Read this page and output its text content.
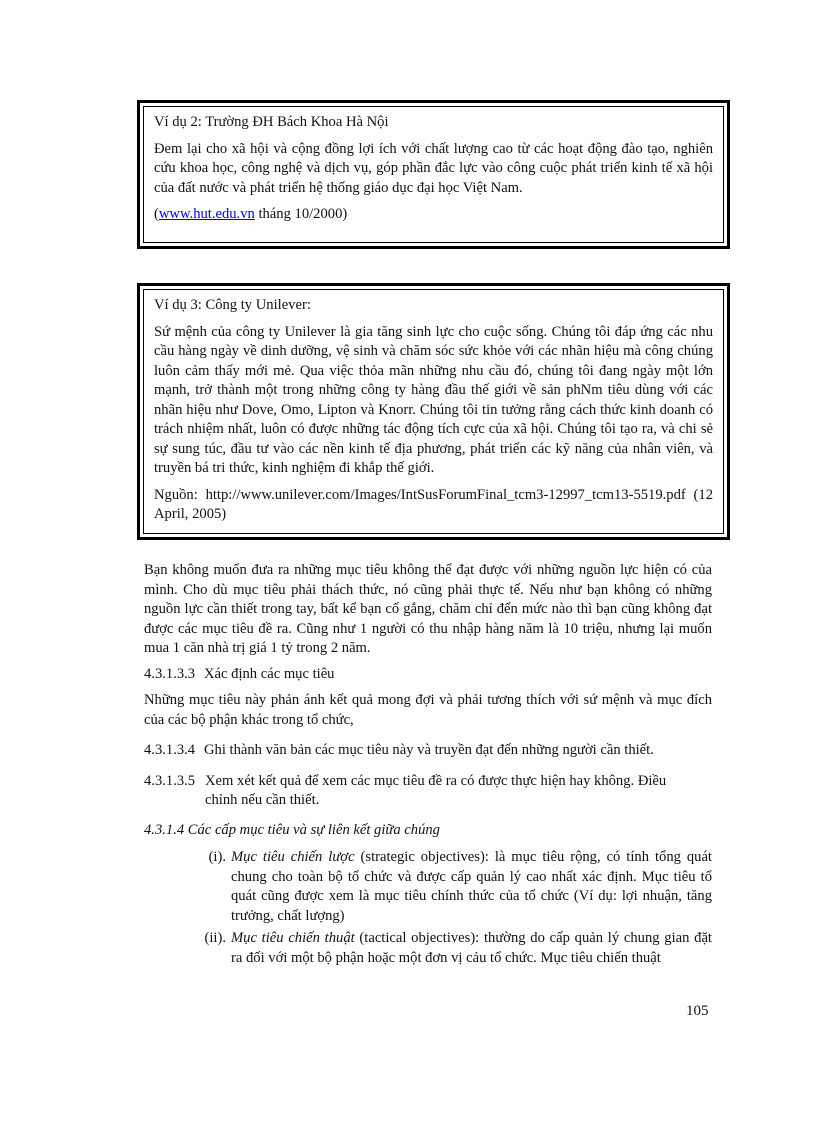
Ví dụ 2: Trường ĐH Bách Khoa Hà Nội

Đem lại cho xã hội và cộng đồng lợi ích với chất lượng cao từ các hoạt động đào tạo, nghiên cứu khoa học, công nghệ và dịch vụ, góp phần đắc lực vào công cuộc phát triển kinh tế xã hội của đất nước và phát triển hệ thống giáo dục đại học Việt Nam.

(www.hut.edu.vn tháng 10/2000)

Ví dụ 3: Công ty Unilever:

Sứ mệnh của công ty Unilever là gia tăng sinh lực cho cuộc sống. Chúng tôi đáp ứng các nhu cầu hàng ngày về dinh dưỡng, vệ sinh và chăm sóc sức khỏe với các nhãn hiệu mà công chúng luôn cảm thấy mới mẻ. Qua việc thỏa mãn những nhu cầu đó, chúng tôi đang ngày một lớn mạnh, trở thành một trong những công ty hàng đầu thế giới về sản phNm tiêu dùng với các nhãn hiệu như Dove, Omo, Lipton và Knorr. Chúng tôi tin tưởng rằng cách thức kinh doanh có trách nhiệm nhất, luôn có được những tác động tích cực của xã hội. Chúng tôi tạo ra, và chi sẻ sự sung túc, đầu tư vào các nền kinh tế địa phương, phát triển các kỹ năng của nhân viên, và truyền bá tri thức, kinh nghiệm đi khắp thế giới.

Nguồn: http://www.unilever.com/Images/IntSusForumFinal_tcm3-12997_tcm13-5519.pdf (12 April, 2005)

Bạn không muốn đưa ra những mục tiêu không thể đạt được với những nguồn lực hiện có của mình. Cho dù mục tiêu phải thách thức, nó cũng phải thực tế. Nếu như bạn không có những nguồn lực cần thiết trong tay, bất kể bạn cố gắng, chăm chỉ đến mức nào thì bạn cũng không đạt được các mục tiêu đề ra. Cũng như 1 người có thu nhập hàng năm là 10 triệu, nhưng lại muốn mua 1 căn nhà trị giá 1 tỷ trong 2 năm.

4.3.1.3.3 Xác định các mục tiêu

Những mục tiêu này phản ánh kết quả mong đợi và phải tương thích với sứ mệnh và mục đích của các bộ phận khác trong tổ chức,

4.3.1.3.4 Ghi thành văn bản các mục tiêu này và truyền đạt đến những người cần thiết.
4.3.1.3.5 Xem xét kết quả để xem các mục tiêu đề ra có được thực hiện hay không. Điều
chỉnh nếu cần thiết.
4.3.1.4 Các cấp mục tiêu và sự liên kết giữa chúng
(i). Mục tiêu chiến lược (strategic objectives): là mục tiêu rộng, có tính tổng quát chung cho toàn bộ tổ chức và được cấp quản lý cao nhất xác định. Mục tiêu tổ quát cũng được xem là mục tiêu chính thức của tổ chức (Ví dụ: lợi nhuận, tăng trưởng, chất lượng)
(ii). Mục tiêu chiến thuật (tactical objectives): thường do cấp quản lý chung gian đặt ra đối với một bộ phận hoặc một đơn vị cảu tổ chức. Mục tiêu chiến thuật
105
